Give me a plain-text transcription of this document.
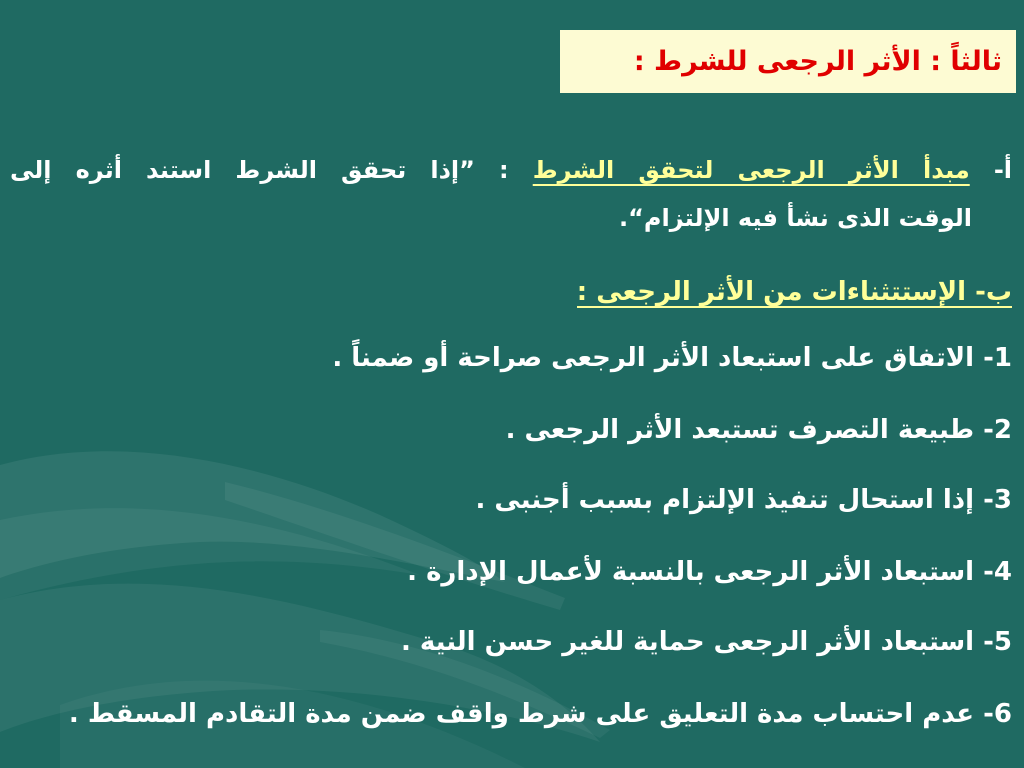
ثالثاً : الأثر الرجعى للشرط :
أ- مبدأ الأثر الرجعى لتحقق الشرط : ”إذا تحقق الشرط استند أثره إلى
الوقت الذى نشأ فيه الإلتزام“.
ب- الإستتثناءات من الأثر الرجعى :
1- الاتفاق على استبعاد الأثر الرجعى صراحة أو ضمناً .
2- طبيعة التصرف تستبعد الأثر الرجعى .
3- إذا استحال تنفيذ الإلتزام بسبب أجنبى .
4- استبعاد الأثر الرجعى بالنسبة لأعمال الإدارة .
5- استبعاد الأثر الرجعى حماية للغير حسن النية .
6- عدم احتساب مدة التعليق على شرط واقف ضمن مدة التقادم المسقط .
